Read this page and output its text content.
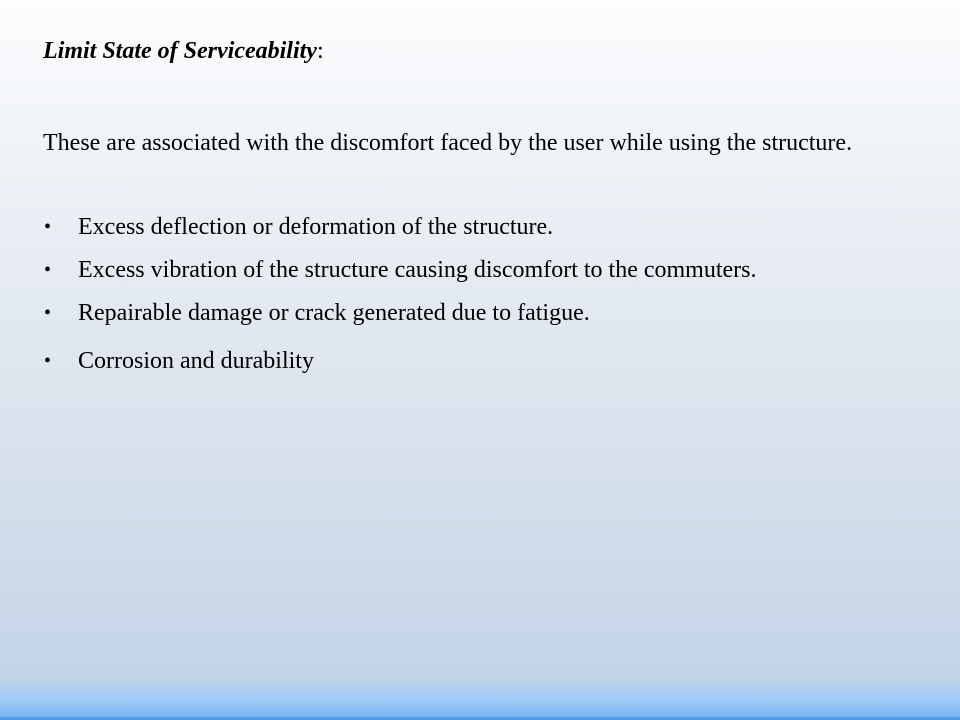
Limit State of Serviceability:

These are associated with the discomfort faced by the user while using the structure.

• Excess deflection or deformation of the structure.
• Excess vibration of the structure causing discomfort to the commuters.
• Repairable damage or crack generated due to fatigue.
• Corrosion and durability
